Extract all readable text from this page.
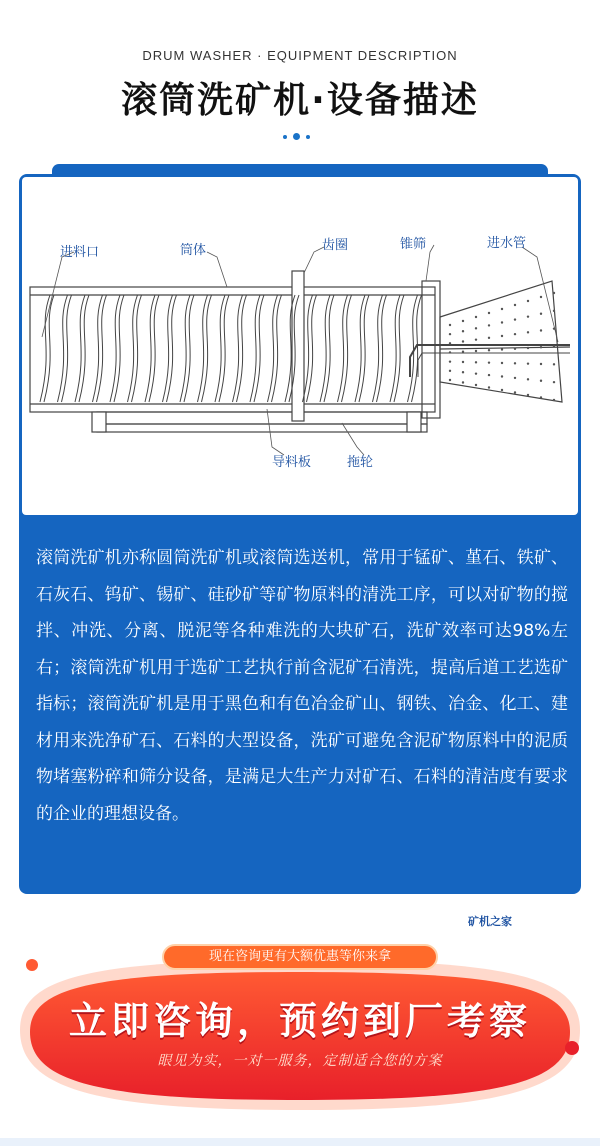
DRUM WASHER · EQUIPMENT DESCRIPTION
滚筒洗矿机·设备描述
进料口	筒体	齿圈	锥筛	进水管
导料板	拖轮
滚筒洗矿机亦称圆筒洗矿机或滚筒选送机，常用于锰矿、堇石、铁矿、石灰石、钨矿、锡矿、硅砂矿等矿物原料的清洗工序，可以对矿物的搅拌、冲洗、分离、脱泥等各种难洗的大块矿石，洗矿效率可达98%左右；滚筒洗矿机用于选矿工艺执行前含泥矿石清洗，提高后道工艺选矿指标；滚筒洗矿机是用于黑色和有色冶金矿山、钢铁、冶金、化工、建材用来洗净矿石、石料的大型设备，洗矿可避免含泥矿物原料中的泥质物堵塞粉碎和筛分设备，是满足大生产力对矿石、石料的清洁度有要求的企业的理想设备。
矿机之家
现在咨询更有大额优惠等你来拿
立即咨询，预约到厂考察
眼见为实，一对一服务，定制适合您的方案
